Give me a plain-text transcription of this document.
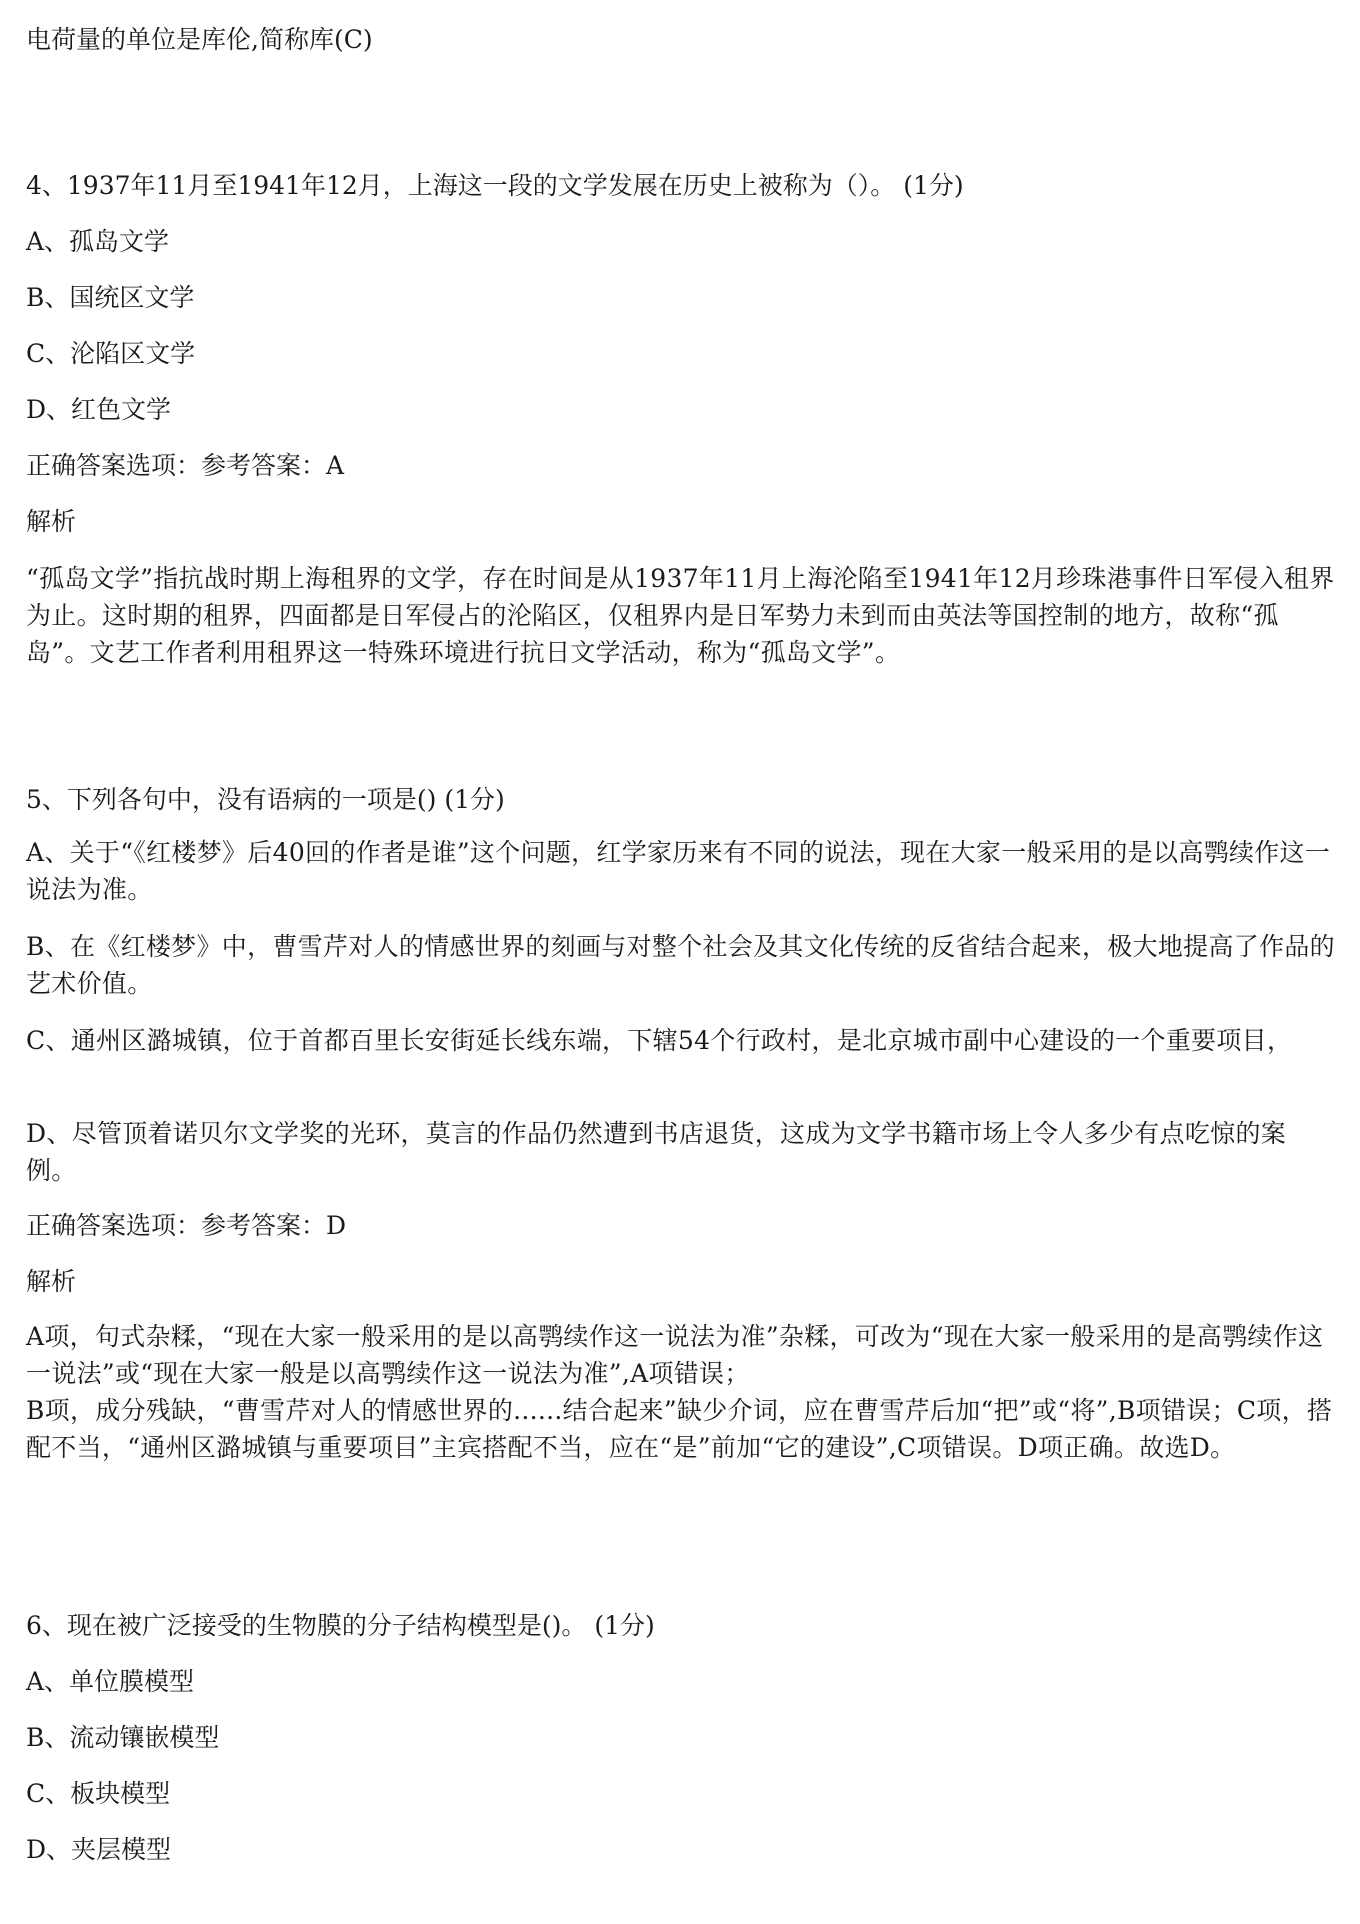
电荷量的单位是库伦,简称库(C)
4、1937年11月至1941年12月，上海这一段的文学发展在历史上被称为（）。 (1分)
A、孤岛文学
B、国统区文学
C、沦陷区文学
D、红色文学
正确答案选项：参考答案：A
解析
“孤岛文学”指抗战时期上海租界的文学，存在时间是从1937年11月上海沦陷至1941年12月珍珠港事件日军侵入租界为止。这时期的租界，四面都是日军侵占的沦陷区，仅租界内是日军势力未到而由英法等国控制的地方，故称“孤岛”。文艺工作者利用租界这一特殊环境进行抗日文学活动，称为“孤岛文学”。
5、下列各句中，没有语病的一项是() (1分)
A、关于“《红楼梦》后40回的作者是谁”这个问题，红学家历来有不同的说法，现在大家一般采用的是以高鹗续作这一说法为准。
B、在《红楼梦》中，曹雪芹对人的情感世界的刻画与对整个社会及其文化传统的反省结合起来，极大地提高了作品的艺术价值。
C、通州区潞城镇，位于首都百里长安街延长线东端，下辖54个行政村，是北京城市副中心建设的一个重要项目，
D、尽管顶着诺贝尔文学奖的光环，莫言的作品仍然遭到书店退货，这成为文学书籍市场上令人多少有点吃惊的案例。
正确答案选项：参考答案：D
解析
A项，句式杂糅，“现在大家一般采用的是以高鹗续作这一说法为准”杂糅，可改为“现在大家一般采用的是高鹗续作这一说法”或“现在大家一般是以高鹗续作这一说法为准”,A项错误；
B项，成分残缺，“曹雪芹对人的情感世界的......结合起来”缺少介词，应在曹雪芹后加“把”或“将”,B项错误；C项，搭配不当，“通州区潞城镇与重要项目”主宾搭配不当，应在“是”前加“它的建设”,C项错误。D项正确。故选D。
6、现在被广泛接受的生物膜的分子结构模型是()。 (1分)
A、单位膜模型
B、流动镶嵌模型
C、板块模型
D、夹层模型
